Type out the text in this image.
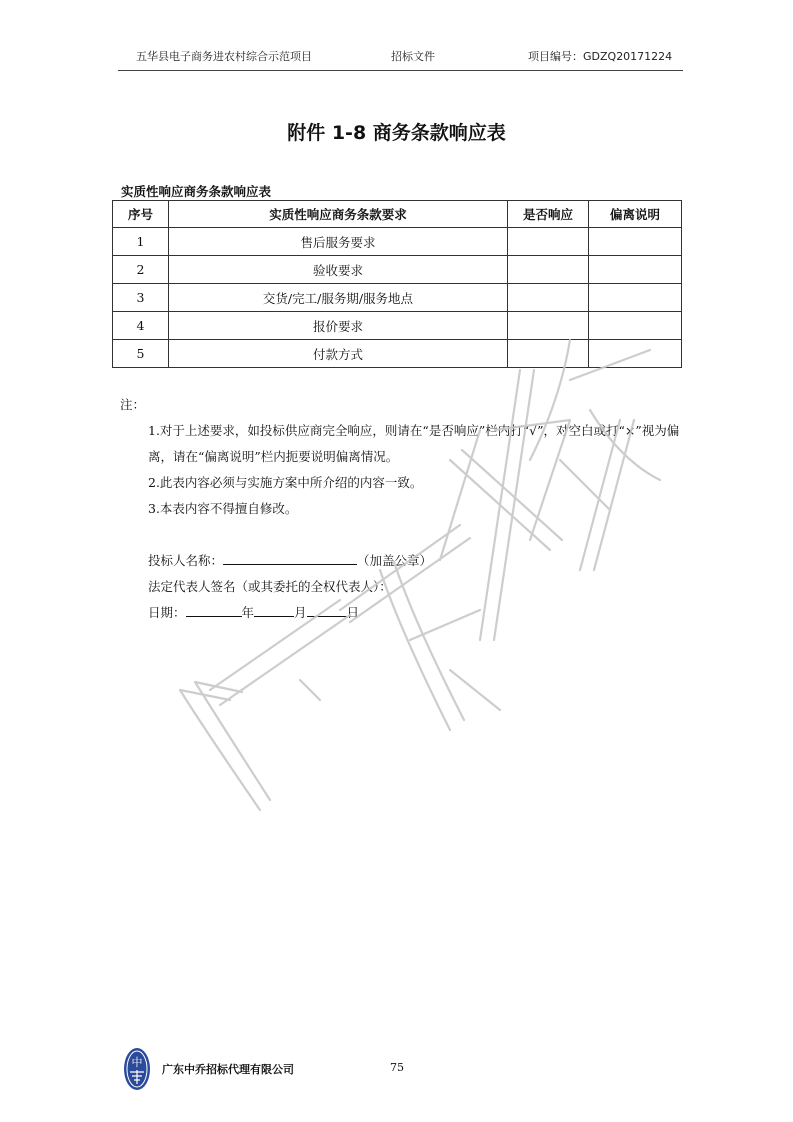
五华县电子商务进农村综合示范项目	招标文件	项目编号：GDZQ20171224
附件 1-8 商务条款响应表
实质性响应商务条款响应表
序号	实质性响应商务条款要求	是否响应	偏离说明
1	售后服务要求		
2	验收要求		
3	交货/完工/服务期/服务地点		
4	报价要求		
5	付款方式		

注：

1.对于上述要求，如投标供应商完全响应，则请在“是否响应”栏内打“√”，对空白或打“×”视为偏离，请在“偏离说明”栏内扼要说明偏离情况。

2.此表内容必须与实施方案中所介绍的内容一致。

3.本表内容不得擅自修改。

投标人名称：	（加盖公章）

法定代表人签名（或其委托的全权代表人）：

日期：	年	月	日

中
广东中乔招标代理有限公司	75
